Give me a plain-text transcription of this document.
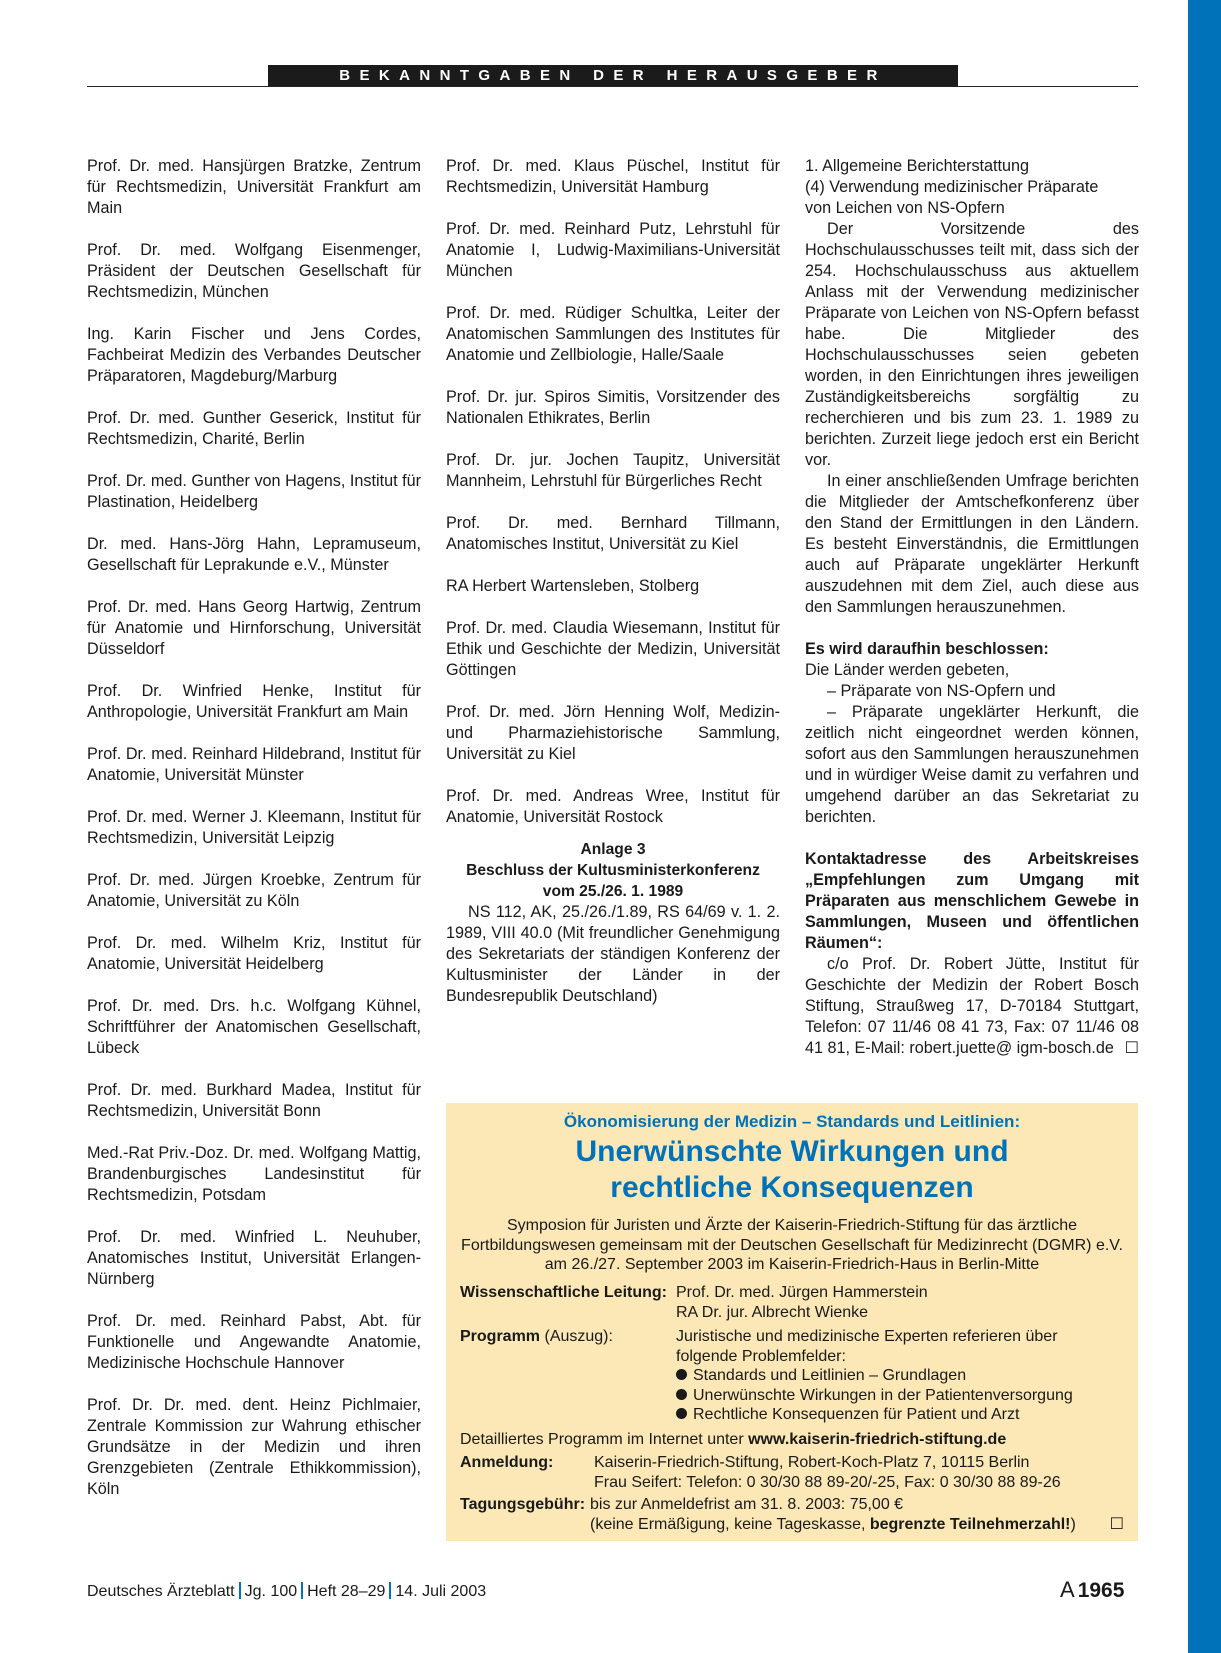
BEKANNTGABEN DER HERAUSGEBER

Prof. Dr. med. Hansjürgen Bratzke, Zentrum für Rechtsmedizin, Universität Frankfurt am Main

Prof. Dr. med. Wolfgang Eisenmenger, Präsident der Deutschen Gesellschaft für Rechtsmedizin, München

Ing. Karin Fischer und Jens Cordes, Fachbeirat Medizin des Verbandes Deutscher Präparatoren, Magdeburg/Marburg

Prof. Dr. med. Gunther Geserick, Institut für Rechtsmedizin, Charité, Berlin

Prof. Dr. med. Gunther von Hagens, Institut für Plastination, Heidelberg

Dr. med. Hans-Jörg Hahn, Lepramuseum, Gesellschaft für Leprakunde e.V., Münster

Prof. Dr. med. Hans Georg Hartwig, Zentrum für Anatomie und Hirnforschung, Universität Düsseldorf

Prof. Dr. Winfried Henke, Institut für Anthropologie, Universität Frankfurt am Main

Prof. Dr. med. Reinhard Hildebrand, Institut für Anatomie, Universität Münster

Prof. Dr. med. Werner J. Kleemann, Institut für Rechtsmedizin, Universität Leipzig

Prof. Dr. med. Jürgen Kroebke, Zentrum für Anatomie, Universität zu Köln

Prof. Dr. med. Wilhelm Kriz, Institut für Anatomie, Universität Heidelberg

Prof. Dr. med. Drs. h.c. Wolfgang Kühnel, Schriftführer der Anatomischen Gesellschaft, Lübeck

Prof. Dr. med. Burkhard Madea, Institut für Rechtsmedizin, Universität Bonn

Med.-Rat Priv.-Doz. Dr. med. Wolfgang Mattig, Brandenburgisches Landesinstitut für Rechtsmedizin, Potsdam

Prof. Dr. med. Winfried L. Neuhuber, Anatomisches Institut, Universität Erlangen-Nürnberg

Prof. Dr. med. Reinhard Pabst, Abt. für Funktionelle und Angewandte Anatomie, Medizinische Hochschule Hannover

Prof. Dr. Dr. med. dent. Heinz Pichlmaier, Zentrale Kommission zur Wahrung ethischer Grundsätze in der Medizin und ihren Grenzgebieten (Zentrale Ethikkommission), Köln

Prof. Dr. med. Klaus Püschel, Institut für Rechtsmedizin, Universität Hamburg

Prof. Dr. med. Reinhard Putz, Lehrstuhl für Anatomie I, Ludwig-Maximilians-Universität München

Prof. Dr. med. Rüdiger Schultka, Leiter der Anatomischen Sammlungen des Institutes für Anatomie und Zellbiologie, Halle/Saale

Prof. Dr. jur. Spiros Simitis, Vorsitzender des Nationalen Ethikrates, Berlin

Prof. Dr. jur. Jochen Taupitz, Universität Mannheim, Lehrstuhl für Bürgerliches Recht

Prof. Dr. med. Bernhard Tillmann, Anatomisches Institut, Universität zu Kiel

RA Herbert Wartensleben, Stolberg

Prof. Dr. med. Claudia Wiesemann, Institut für Ethik und Geschichte der Medizin, Universität Göttingen

Prof. Dr. med. Jörn Henning Wolf, Medizin- und Pharmaziehistorische Sammlung, Universität zu Kiel

Prof. Dr. med. Andreas Wree, Institut für Anatomie, Universität Rostock

Anlage 3

Beschluss der Kultusministerkonferenz

vom 25./26. 1. 1989

NS 112, AK, 25./26./1.89, RS 64/69 v. 1. 2. 1989, VIII 40.0 (Mit freundlicher Genehmigung des Sekretariats der ständigen Konferenz der Kultusminister der Länder in der Bundesrepublik Deutschland)

1. Allgemeine Berichterstattung

(4) Verwendung medizinischer Präparate

von Leichen von NS-Opfern

Der Vorsitzende des Hochschulausschusses teilt mit, dass sich der 254. Hochschulausschuss aus aktuellem Anlass mit der Verwendung medizinischer Präparate von Leichen von NS-Opfern befasst habe. Die Mitglieder des Hochschulausschusses seien gebeten worden, in den Einrichtungen ihres jeweiligen Zuständigkeitsbereichs sorgfältig zu recherchieren und bis zum 23. 1. 1989 zu berichten. Zurzeit liege jedoch erst ein Bericht vor.

In einer anschließenden Umfrage berichten die Mitglieder der Amtschefkonferenz über den Stand der Ermittlungen in den Ländern. Es besteht Einverständnis, die Ermittlungen auch auf Präparate ungeklärter Herkunft auszudehnen mit dem Ziel, auch diese aus den Sammlungen herauszunehmen.

Es wird daraufhin beschlossen:

Die Länder werden gebeten,

– Präparate von NS-Opfern und

– Präparate ungeklärter Herkunft, die zeitlich nicht eingeordnet werden können, sofort aus den Sammlungen herauszunehmen und in würdiger Weise damit zu verfahren und umgehend darüber an das Sekretariat zu berichten.

Kontaktadresse des Arbeitskreises „Empfehlungen zum Umgang mit Präparaten aus menschlichem Gewebe in Sammlungen, Museen und öffentlichen Räumen“:

c/o Prof. Dr. Robert Jütte, Institut für Geschichte der Medizin der Robert Bosch Stiftung, Straußweg 17, D-70184 Stuttgart, Telefon: 07 11/46 08 41 73, Fax: 07 11/46 08 41 81, E-Mail: robert.juette@ igm-bosch.de ☐
Ökonomisierung der Medizin – Standards und Leitlinien:
Unerwünschte Wirkungen und
rechtliche Konsequenzen
Symposion für Juristen und Ärzte der Kaiserin-Friedrich-Stiftung für das ärztliche
Fortbildungswesen gemeinsam mit der Deutschen Gesellschaft für Medizinrecht (DGMR) e.V.
am 26./27. September 2003 im Kaiserin-Friedrich-Haus in Berlin-Mitte
Wissenschaftliche Leitung: Prof. Dr. med. Jürgen Hammerstein
RA Dr. jur. Albrecht Wienke
Programm (Auszug):	Juristische und medizinische Experten referieren über
folgende Problemfelder:
Standards und Leitlinien – Grundlagen
Unerwünschte Wirkungen in der Patientenversorgung
Rechtliche Konsequenzen für Patient und Arzt
Detailliertes Programm im Internet unter www.kaiserin-friedrich-stiftung.de
Anmeldung:	Kaiserin-Friedrich-Stiftung, Robert-Koch-Platz 7, 10115 Berlin
Frau Seifert: Telefon: 0 30/30 88 89-20/-25, Fax: 0 30/30 88 89-26
Tagungsgebühr: bis zur Anmeldefrist am 31. 8. 2003: 75,00 €
(keine Ermäßigung, keine Tageskasse, begrenzte Teilnehmerzahl!)	☐
Deutsches Ärzteblatt Jg. 100 Heft 28–29 14. Juli 2003	A 1965
